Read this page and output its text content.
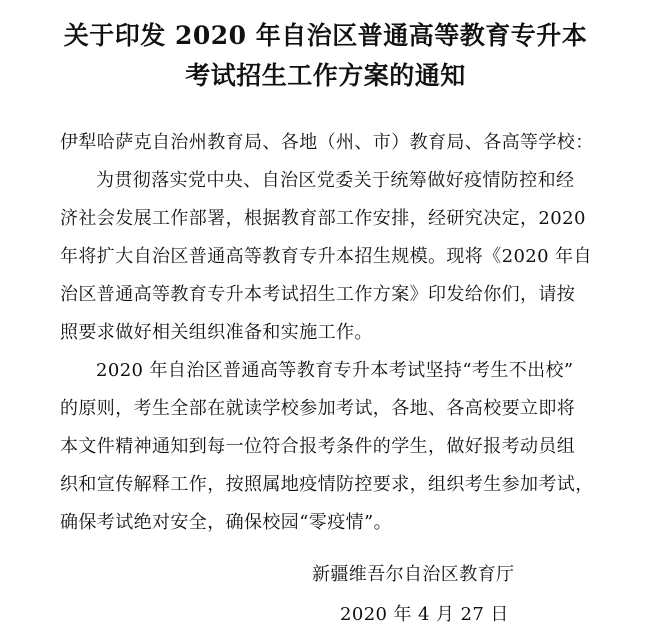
关于印发 2020 年自治区普通高等教育专升本
考试招生工作方案的通知
伊犁哈萨克自治州教育局、各地（州、市）教育局、各高等学校：
为贯彻落实党中央、自治区党委关于统筹做好疫情防控和经
济社会发展工作部署，根据教育部工作安排，经研究决定，2020
年将扩大自治区普通高等教育专升本招生规模。现将《2020 年自
治区普通高等教育专升本考试招生工作方案》印发给你们，请按
照要求做好相关组织准备和实施工作。
2020 年自治区普通高等教育专升本考试坚持“考生不出校”
的原则，考生全部在就读学校参加考试，各地、各高校要立即将
本文件精神通知到每一位符合报考条件的学生，做好报考动员组
织和宣传解释工作，按照属地疫情防控要求，组织考生参加考试，
确保考试绝对安全，确保校园“零疫情”。
新疆维吾尔自治区教育厅
2020 年 4 月 27 日
